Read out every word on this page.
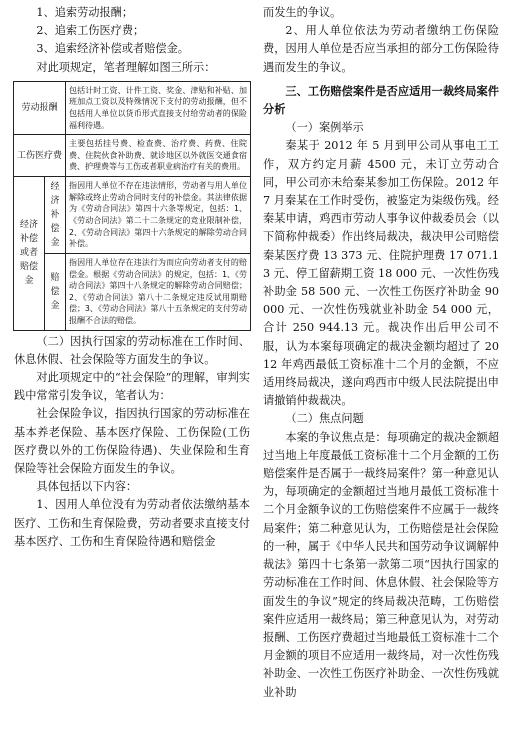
1、追索劳动报酬；

2、追索工伤医疗费；

3、追索经济补偿或者赔偿金。

对此项规定，笔者理解如图三所示：

劳动报酬		包括计时工资、计件工资、奖金、津贴和补贴、加班加点工资以及特殊情况下支付的劳动报酬，但不包括用人单位以货币形式直接支付给劳动者的保险福利待遇。
工伤医疗费		主要包括挂号费、检查费、治疗费、药费、住院费、住院伙食补助费、就诊地区以外就医交通食宿费、护理费等与工伤或者职业病治疗有关的费用。
经济补偿或者赔偿金	经济补偿金	指因用人单位不存在违法情形，劳动者与用人单位解除或终止劳动合同时支付的补偿金。其法律依据为《劳动合同法》第四十六条等规定，包括：1、《劳动合同法》第二十二条规定的竞业限制补偿，2、《劳动合同法》第四十六条规定的解除劳动合同补偿。
	赔偿金	指因用人单位存在违法行为而应向劳动者支付的赔偿金。根据《劳动合同法》的规定，包括：1、《劳动合同法》第四十八条规定的解除劳动合同赔偿；2、《劳动合同法》第八十二条规定违反试用期赔偿；3、《劳动合同法》第八十五条规定的支付劳动报酬不合法的赔偿。

（二）因执行国家的劳动标准在工作时间、休息休假、社会保险等方面发生的争议。

对此项规定中的“社会保险”的理解，审判实践中常常引发争议，笔者认为：

社会保险争议，指因执行国家的劳动标准在基本养老保险、基本医疗保险、工伤保险(工伤医疗费以外的工伤保险待遇)、失业保险和生育保险等社会保险方面发生的争议。

具体包括以下内容：

1、因用人单位没有为劳动者依法缴纳基本医疗、工伤和生育保险费，劳动者要求直接支付基本医疗、工伤和生育保险待遇和赔偿金

而发生的争议。

2、用人单位依法为劳动者缴纳工伤保险费，因用人单位是否应当承担的部分工伤保险待遇而发生的争议。

三、工伤赔偿案件是否应适用一裁终局案件分析

（一）案例举示

秦某于 2012 年 5 月到甲公司从事电工工作，双方约定月薪 4500 元，未订立劳动合同，甲公司亦未给秦某参加工伤保险。2012 年 7 月秦某在工作时受伤，被鉴定为柒级伤残。经秦某申请，鸡西市劳动人事争议仲裁委员会（以下简称仲裁委）作出终局裁决，裁决甲公司赔偿秦某医疗费 13 373 元、住院护理费 17 071.13 元、停工留薪期工资 18 000 元、一次性伤残补助金 58 500 元、一次性工伤医疗补助金 90 000 元、一次性伤残就业补助金 54 000 元，合计 250 944.13 元。裁决作出后甲公司不服，认为本案每项确定的裁决金额均超过了 2012 年鸡西最低工资标准十二个月的金额，不应适用终局裁决，遂向鸡西市中级人民法院提出申请撤销仲裁裁决。

（二）焦点问题

本案的争议焦点是：每项确定的裁决金额超过当地上年度最低工资标准十二个月金额的工伤赔偿案件是否属于一裁终局案件？第一种意见认为，每项确定的金额超过当地月最低工资标准十二个月金额争议的工伤赔偿案件不应属于一裁终局案件；第二种意见认为，工伤赔偿是社会保险的一种，属于《中华人民共和国劳动争议调解仲裁法》第四十七条第一款第二项“因执行国家的劳动标准在工作时间、休息休假、社会保险等方面发生的争议”规定的终局裁决范畴，工伤赔偿案件应适用一裁终局；第三种意见认为，对劳动报酬、工伤医疗费超过当地最低工资标准十二个月金额的项目不应适用一裁终局，对一次性伤残补助金、一次性工伤医疗补助金、一次性伤残就业补助
